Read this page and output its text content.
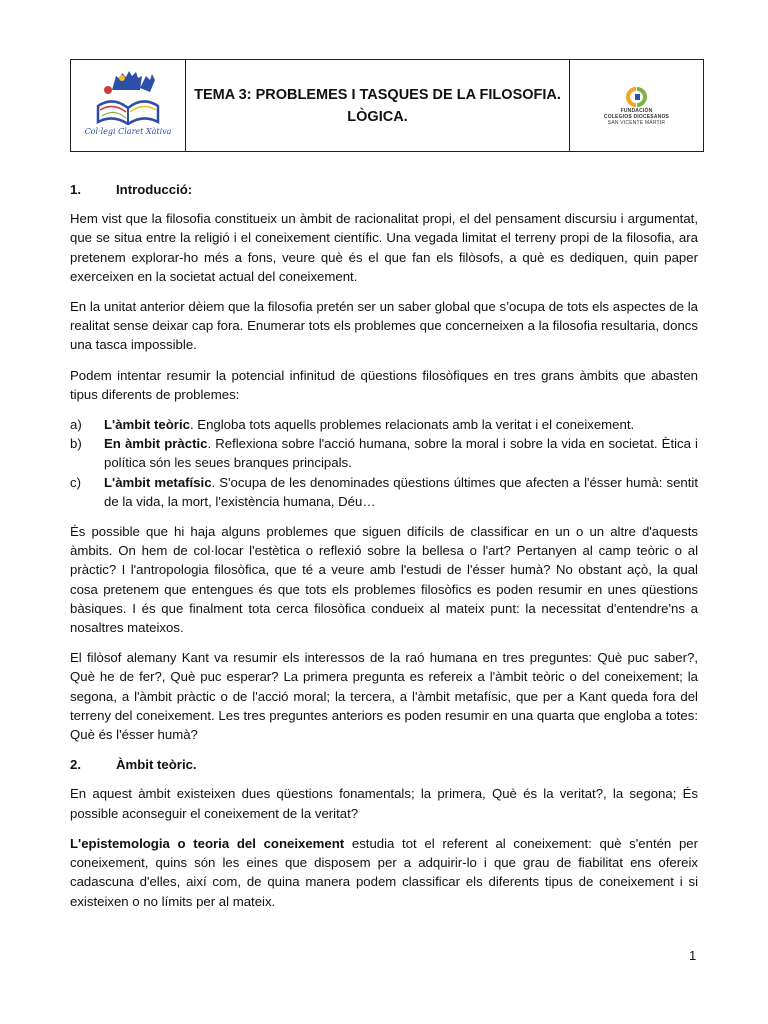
Col·legi Claret Xàtiva
TEMA 3: PROBLEMES I TASQUES DE LA FILOSOFIA.
LÒGICA.	FUNDACIÓN
COLEGIOS DIOCESANOS
SAN VICENTE MÁRTIR
1.	Introducció:

Hem vist que la filosofia constitueix un àmbit de racionalitat propi, el del pensament discursiu i argumentat, que se situa entre la religió i el coneixement científic. Una vegada limitat el terreny propi de la filosofia, ara pretenem explorar-ho més a fons, veure què és el que fan els filòsofs, a què es dediquen, quin paper exerceixen en la societat actual del coneixement.

En la unitat anterior dèiem que la filosofia pretén ser un saber global que s’ocupa de tots els aspectes de la realitat sense deixar cap fora. Enumerar tots els problemes que concerneixen a la filosofia resultaria, doncs una tasca impossible.

Podem intentar resumir la potencial infinitud de qüestions filosòfiques en tres grans àmbits que abasten tipus diferents de problemes:

a)	L'àmbit teòric. Engloba tots aquells problemes relacionats amb la veritat i el coneixement.
b)	En àmbit pràctic. Reflexiona sobre l'acció humana, sobre la moral i sobre la vida en societat. Ètica i política són les seues branques principals.
c)	L'àmbit metafísic. S'ocupa de les denominades qüestions últimes que afecten a l'ésser humà: sentit de la vida, la mort, l'existència humana, Déu…

És possible que hi haja alguns problemes que siguen difícils de classificar en un o un altre d'aquests àmbits. On hem de col·locar l'estètica o reflexió sobre la bellesa o l'art? Pertanyen al camp teòric o al pràctic? I l'antropologia filosòfica, que té a veure amb l'estudi de l'ésser humà? No obstant açò, la qual cosa pretenem que entengues és que tots els problemes filosòfics es poden resumir en unes qüestions bàsiques. I és que finalment tota cerca filosòfica condueix al mateix punt: la necessitat d'entendre'ns a nosaltres mateixos.

El filòsof alemany Kant va resumir els interessos de la raó humana en tres preguntes: Què puc saber?, Què he de fer?, Què puc esperar? La primera pregunta es refereix a l'àmbit teòric o del coneixement; la segona, a l'àmbit pràctic o de l'acció moral; la tercera, a l'àmbit metafísic, que per a Kant queda fora del terreny del coneixement. Les tres preguntes anteriors es poden resumir en una quarta que engloba a totes: Què és l'ésser humà?

2.	Àmbit teòric.

En aquest àmbit existeixen dues qüestions fonamentals; la primera, Què és la veritat?, la segona; És possible aconseguir el coneixement de la veritat?

L'epistemologia o teoria del coneixement estudia tot el referent al coneixement: què s'entén per coneixement, quins són les eines que disposem per a adquirir-lo i que grau de fiabilitat ens ofereix cadascuna d'elles, així com, de quina manera podem classificar els diferents tipus de coneixement i si existeixen o no límits per al mateix.

1
